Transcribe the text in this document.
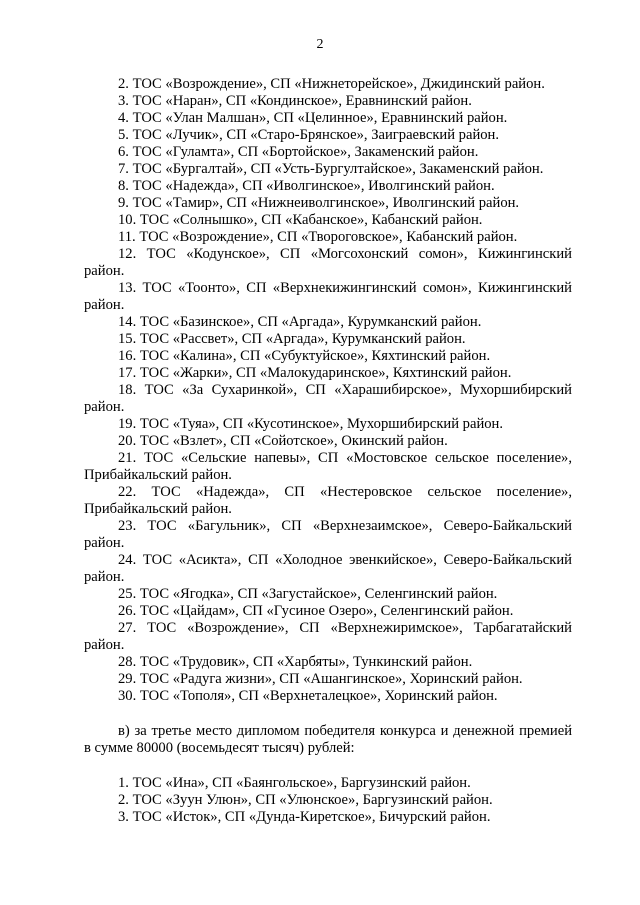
2

2. ТОС «Возрождение», СП «Нижнеторейское», Джидинский район.

3. ТОС «Наран», СП «Кондинское», Еравнинский район.

4. ТОС «Улан Малшан», СП «Целинное», Еравнинский район.

5. ТОС «Лучик», СП «Старо-Брянское», Заиграевский район.

6. ТОС «Гуламта», СП «Бортойское», Закаменский район.

7. ТОС «Бургалтай», СП «Усть-Бургултайское», Закаменский район.

8. ТОС «Надежда», СП «Иволгинское», Иволгинский район.

9. ТОС «Тамир», СП «Нижнеиволгинское», Иволгинский район.

10. ТОС «Солнышко», СП «Кабанское», Кабанский район.

11. ТОС «Возрождение», СП «Твороговское», Кабанский район.

12. ТОС «Кодунское», СП «Могсохонский сомон», Кижингинский район.

13. ТОС «Тоонто», СП «Верхнекижингинский сомон», Кижингинский район.

14. ТОС «Базинское», СП «Аргада», Курумканский район.

15. ТОС «Рассвет», СП «Аргада», Курумканский район.

16. ТОС «Калина», СП «Субуктуйское», Кяхтинский район.

17. ТОС «Жарки», СП «Малокударинское», Кяхтинский район.

18. ТОС «За Сухаринкой», СП «Харашибирское», Мухоршибирский район.

19. ТОС «Туяа», СП «Кусотинское», Мухоршибирский район.

20. ТОС «Взлет», СП «Сойотское», Окинский район.

21. ТОС «Сельские напевы», СП «Мостовское сельское поселение», Прибайкальский район.

22. ТОС «Надежда», СП «Нестеровское сельское поселение», Прибайкальский район.

23. ТОС «Багульник», СП «Верхнезаимское», Северо-Байкальский район.

24. ТОС «Асикта», СП «Холодное эвенкийское», Северо-Байкальский район.

25. ТОС «Ягодка», СП «Загустайское», Селенгинский район.

26. ТОС «Цайдам», СП «Гусиное Озеро», Селенгинский район.

27. ТОС «Возрождение», СП «Верхнежиримское», Тарбагатайский район.

28. ТОС «Трудовик», СП «Харбяты», Тункинский район.

29. ТОС «Радуга жизни», СП «Ашангинское», Хоринский район.

30. ТОС «Тополя», СП «Верхнеталецкое», Хоринский район.

в) за третье место дипломом победителя конкурса и денежной премией в сумме 80000 (восемьдесят тысяч) рублей:

1. ТОС «Ина», СП «Баянгольское», Баргузинский район.

2. ТОС «Зуун Улюн», СП «Улюнское», Баргузинский район.

3. ТОС «Исток», СП «Дунда-Киретское», Бичурский район.
